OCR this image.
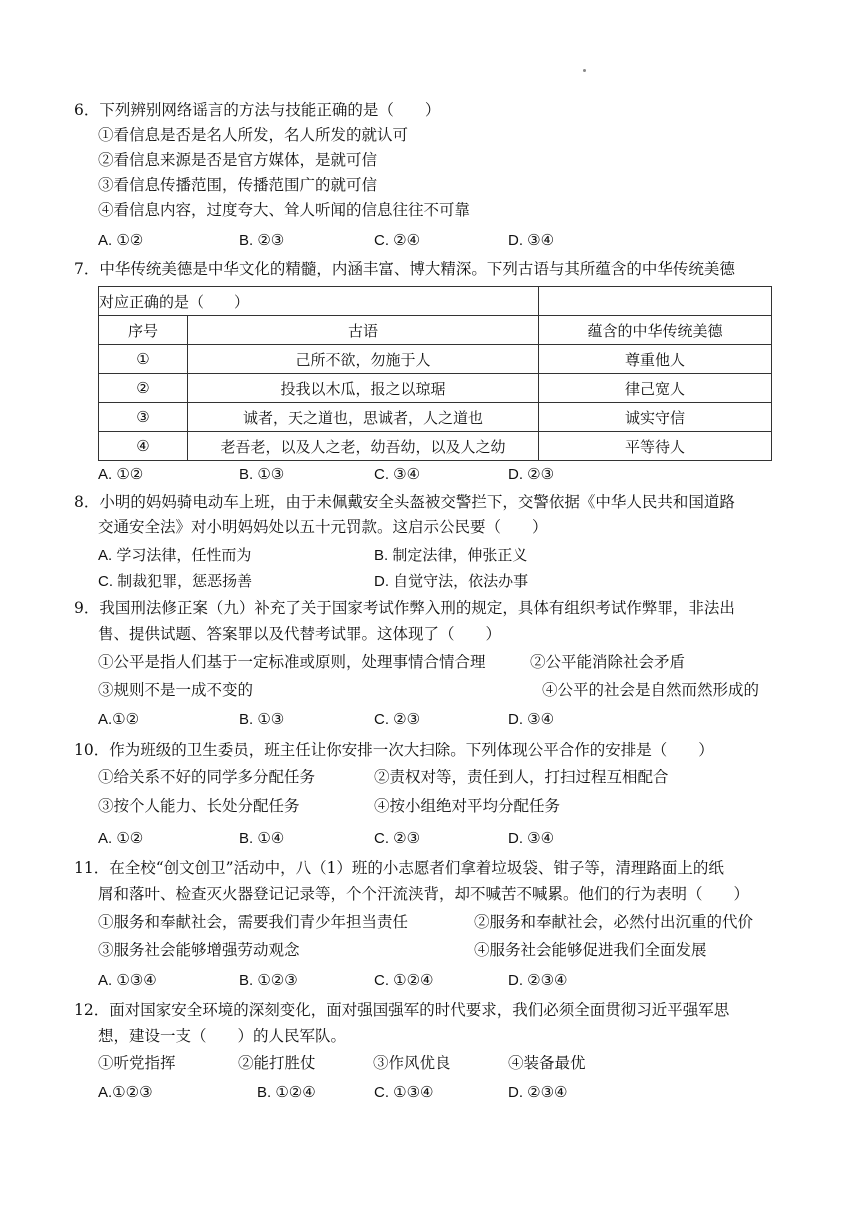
6．下列辨别网络谣言的方法与技能正确的是（　　）
①看信息是否是名人所发，名人所发的就认可
②看信息来源是否是官方媒体，是就可信
③看信息传播范围，传播范围广的就可信
④看信息内容，过度夸大、耸人听闻的信息往往不可靠
A. ①②	B. ②③	C. ②④	D. ③④
7．中华传统美德是中华文化的精髓，内涵丰富、博大精深。下列古语与其所蕴含的中华传统美德
对应正确的是（　　）		
序号	古语	蕴含的中华传统美德
①	己所不欲，勿施于人	尊重他人
②	投我以木瓜，报之以琼琚	律己宽人
③	诚者，天之道也，思诚者，人之道也	诚实守信
④	老吾老，以及人之老，幼吾幼，以及人之幼	平等待人
A. ①②	B. ①③	C. ③④	D. ②③
8．小明的妈妈骑电动车上班，由于未佩戴安全头盔被交警拦下，交警依据《中华人民共和国道路
交通安全法》对小明妈妈处以五十元罚款。这启示公民要（　　）
A. 学习法律，任性而为	B. 制定法律，伸张正义
C. 制裁犯罪，惩恶扬善	D. 自觉守法，依法办事
9．我国刑法修正案（九）补充了关于国家考试作弊入刑的规定，具体有组织考试作弊罪，非法出
售、提供试题、答案罪以及代替考试罪。这体现了（　　）
①公平是指人们基于一定标准或原则，处理事情合情合理	②公平能消除社会矛盾
③规则不是一成不变的	④公平的社会是自然而然形成的
A.①②	B. ①③	C. ②③	D. ③④
10．作为班级的卫生委员，班主任让你安排一次大扫除。下列体现公平合作的安排是（　　）
①给关系不好的同学多分配任务	②责权对等，责任到人，打扫过程互相配合
③按个人能力、长处分配任务	④按小组绝对平均分配任务
A. ①②	B. ①④	C. ②③	D. ③④
11．在全校“创文创卫”活动中，八（1）班的小志愿者们拿着垃圾袋、钳子等，清理路面上的纸
屑和落叶、检查灭火器登记记录等，个个汗流浃背，却不喊苦不喊累。他们的行为表明（　　）
①服务和奉献社会，需要我们青少年担当责任	②服务和奉献社会，必然付出沉重的代价
③服务社会能够增强劳动观念	④服务社会能够促进我们全面发展
A. ①③④	B. ①②③	C. ①②④	D. ②③④
12．面对国家安全环境的深刻变化，面对强国强军的时代要求，我们必须全面贯彻习近平强军思
想，建设一支（　　）的人民军队。
①听党指挥	②能打胜仗	③作风优良	④装备最优
A.①②③	B. ①②④	C. ①③④	D. ②③④
